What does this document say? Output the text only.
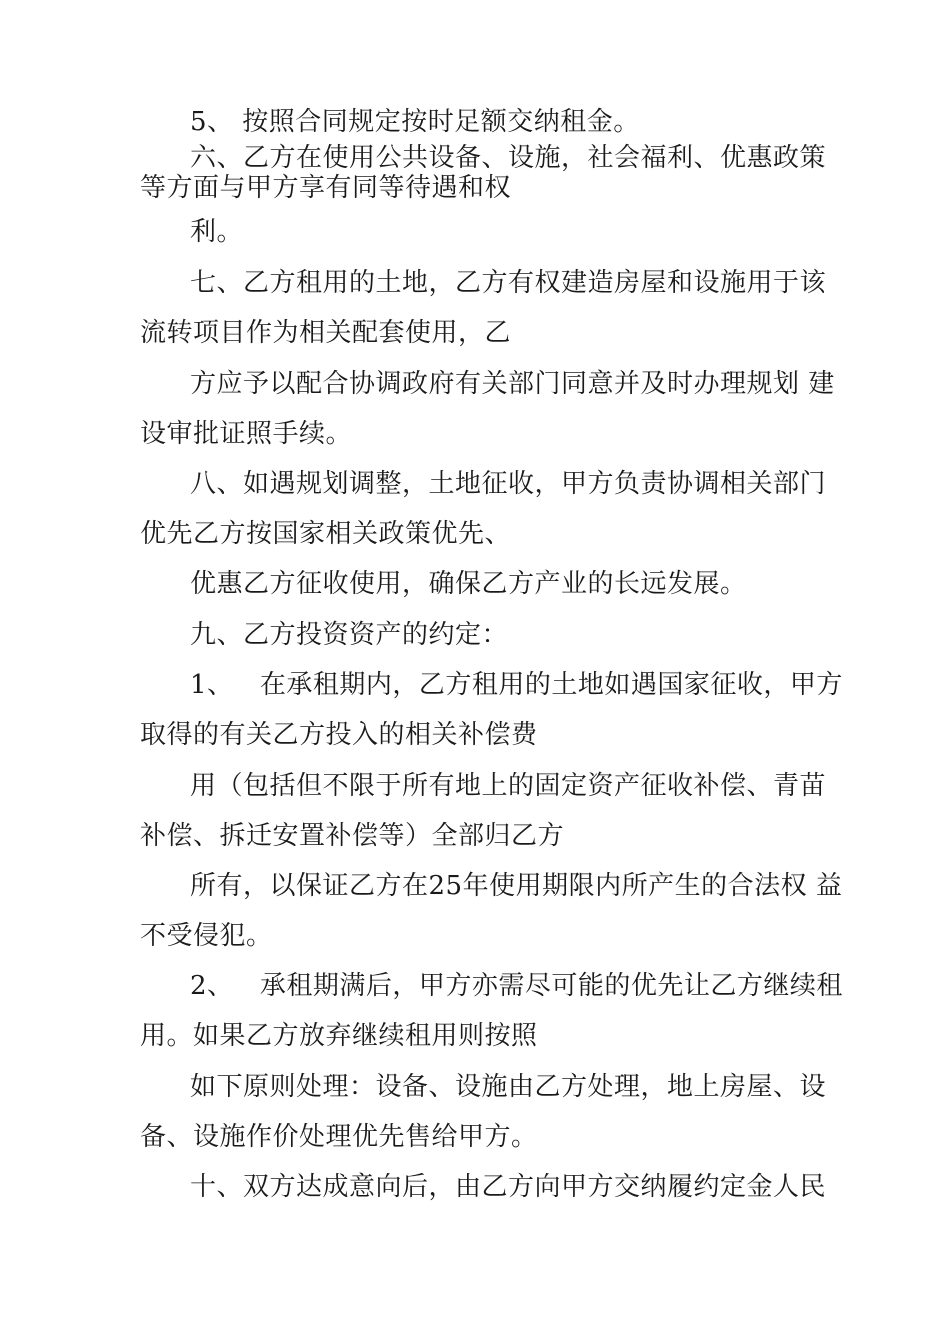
5、 按照合同规定按时足额交纳租金。
六、乙方在使用公共设备、设施，社会福利、优惠政策
等方面与甲方享有同等待遇和权
利。
七、乙方租用的土地，乙方有权建造房屋和设施用于该
流转项目作为相关配套使用，乙
方应予以配合协调政府有关部门同意并及时办理规划 建
设审批证照手续。
八、如遇规划调整，土地征收，甲方负责协调相关部门
优先乙方按国家相关政策优先、
优惠乙方征收使用，确保乙方产业的长远发展。
九、乙方投资资产的约定：
1、   在承租期内，乙方租用的土地如遇国家征收，甲方
取得的有关乙方投入的相关补偿费
用（包括但不限于所有地上的固定资产征收补偿、青苗
补偿、拆迁安置补偿等）全部归乙方
所有，以保证乙方在25年使用期限内所产生的合法权 益
不受侵犯。
2、   承租期满后，甲方亦需尽可能的优先让乙方继续租
用。如果乙方放弃继续租用则按照
如下原则处理：设备、设施由乙方处理，地上房屋、设
备、设施作价处理优先售给甲方。
十、双方达成意向后，由乙方向甲方交纳履约定金人民
